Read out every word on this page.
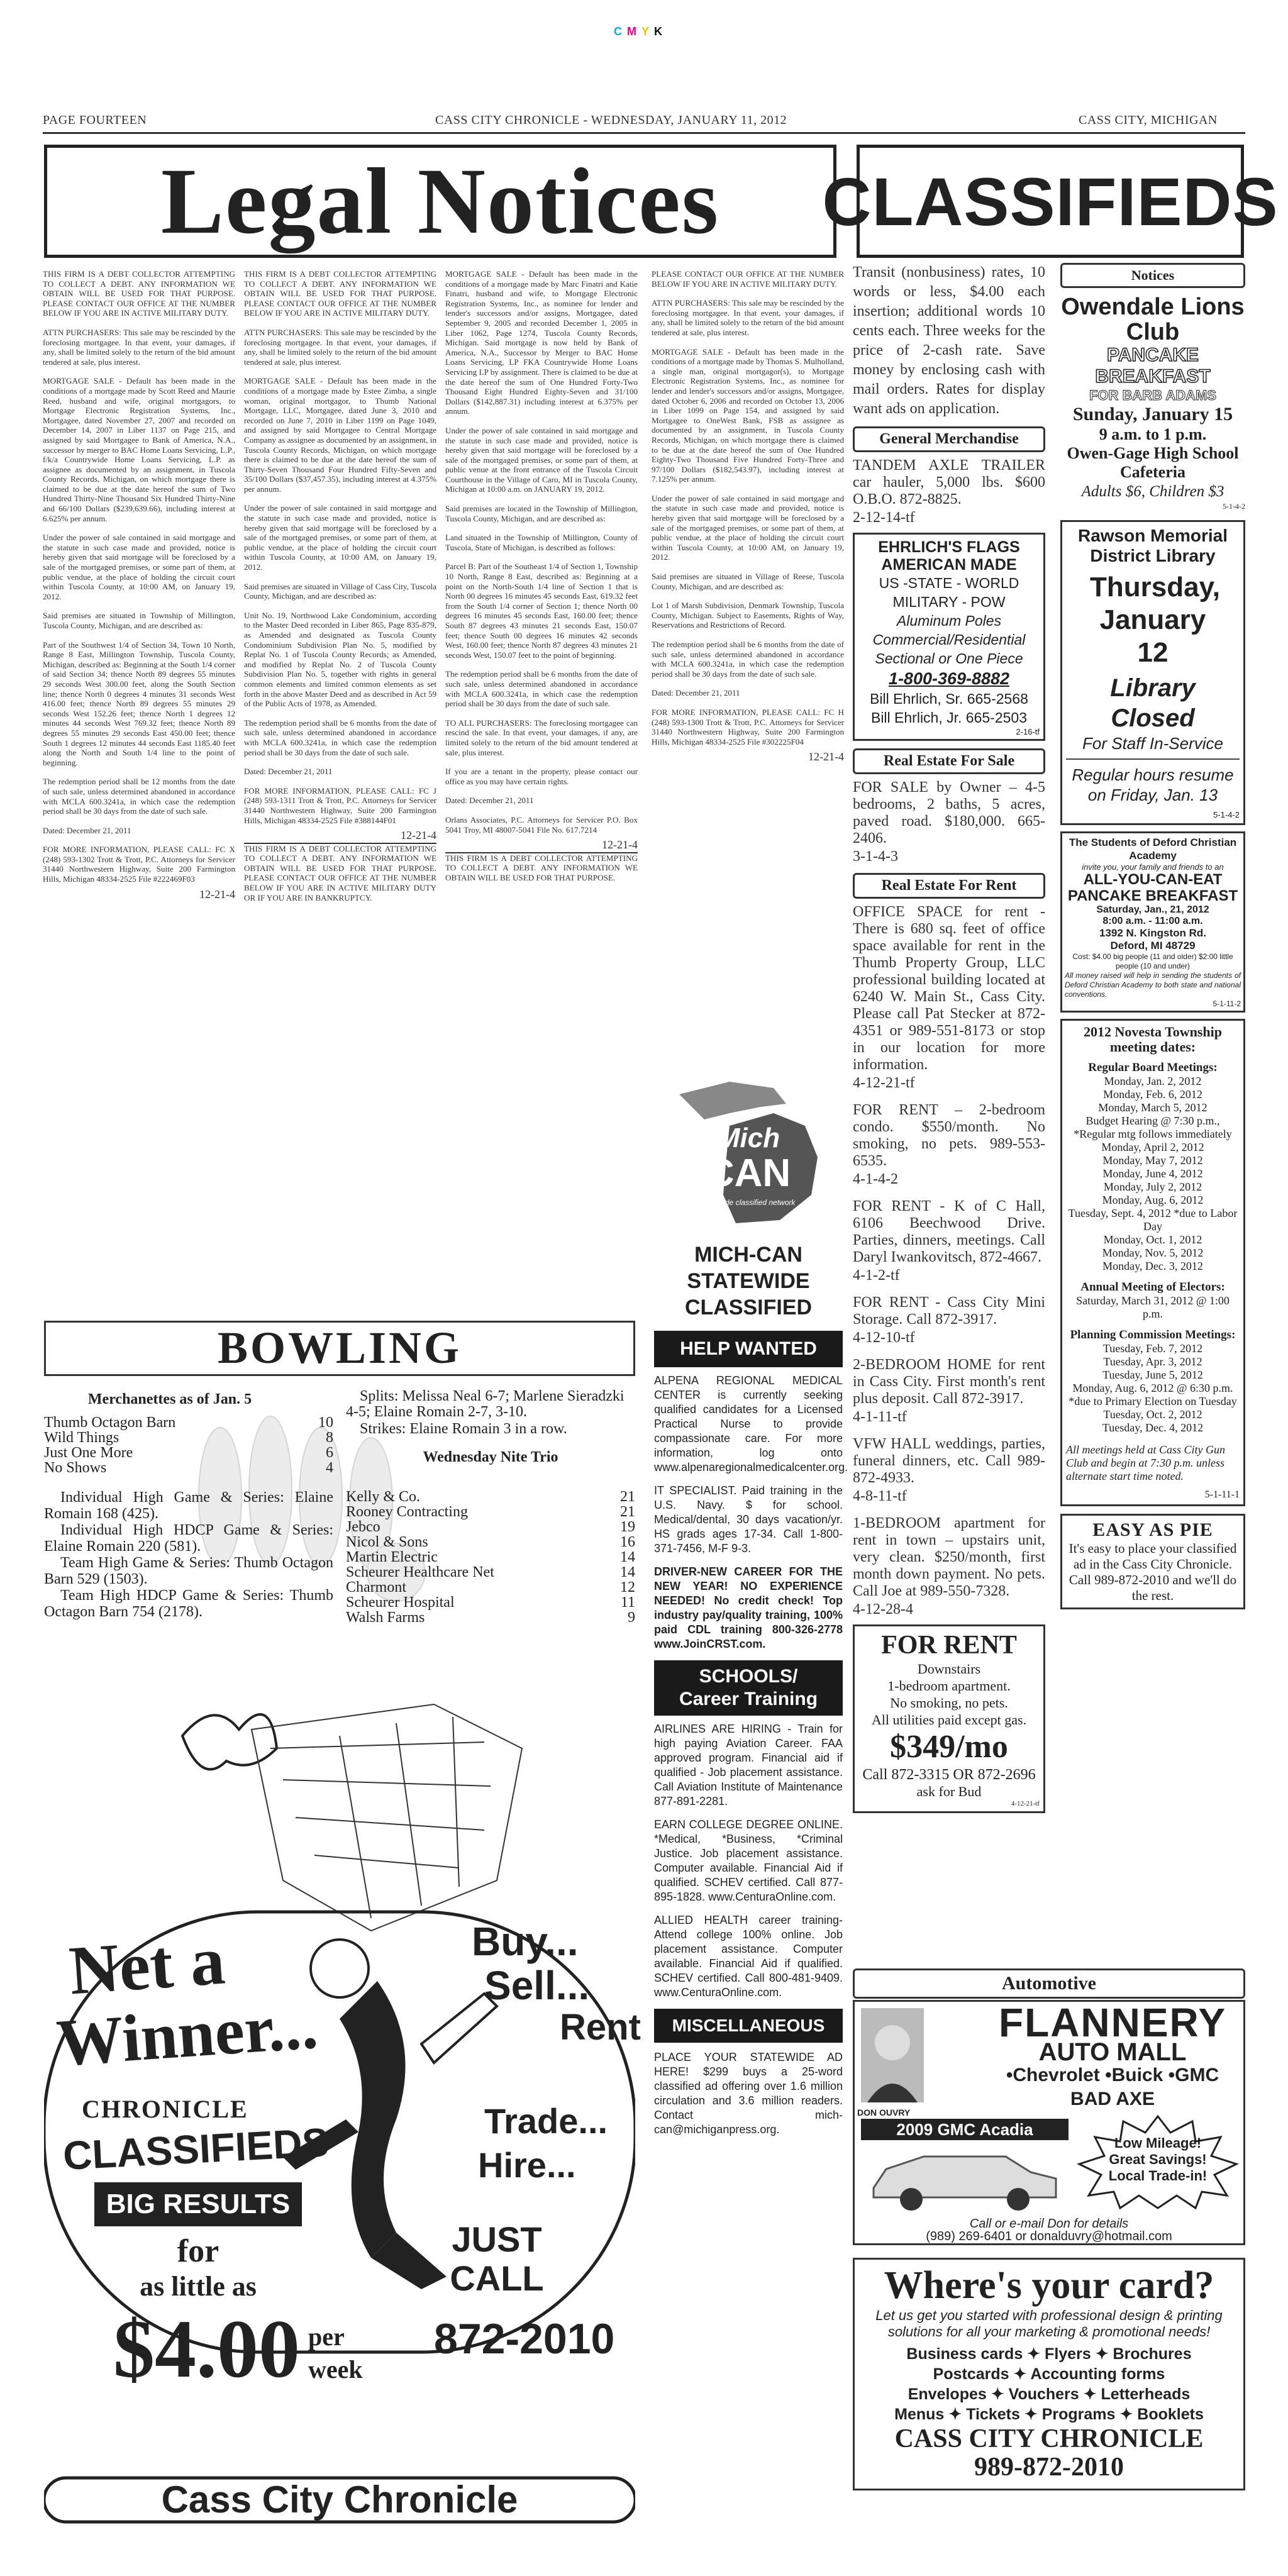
CMYK
PAGE FOURTEEN	CASS CITY CHRONICLE - WEDNESDAY, JANUARY 11, 2012	CASS CITY, MICHIGAN
Legal Notices	CLASSIFIEDS

THIS FIRM IS A DEBT COLLECTOR ATTEMPTING TO COLLECT A DEBT. ANY INFORMATION WE OBTAIN WILL BE USED FOR THAT PURPOSE. PLEASE CONTACT OUR OFFICE AT THE NUMBER BELOW IF YOU ARE IN ACTIVE MILITARY DUTY.

ATTN PURCHASERS: This sale may be rescinded by the foreclosing mortgagee. In that event, your damages, if any, shall be limited solely to the return of the bid amount tendered at sale, plus interest.

MORTGAGE SALE - Default has been made in the conditions of a mortgage made by Scott Reed and Maurie Reed, husband and wife, original mortgagors, to Mortgage Electronic Registration Systems, Inc., Mortgagee, dated November 27, 2007 and recorded on December 14, 2007 in Liber 1137 on Page 215, and assigned by said Mortgagee to Bank of America, N.A., successor by merger to BAC Home Loans Servicing, L.P., f/k/a Countrywide Home Loans Servicing, L.P. as assignee as documented by an assignment, in Tuscola County Records, Michigan, on which mortgage there is claimed to be due at the date hereof the sum of Two Hundred Thirty-Nine Thousand Six Hundred Thirty-Nine and 66/100 Dollars ($239,639.66), including interest at 6.625% per annum.

Under the power of sale contained in said mortgage and the statute in such case made and provided, notice is hereby given that said mortgage will be foreclosed by a sale of the mortgaged premises, or some part of them, at public vendue, at the place of holding the circuit court within Tuscola County, at 10:00 AM, on January 19, 2012.

Said premises are situated in Township of Millington, Tuscola County, Michigan, and are described as:

Part of the Southwest 1/4 of Section 34, Town 10 North, Range 8 East, Millington Township, Tuscola County, Michigan, described as: Beginning at the South 1/4 corner of said Section 34; thence North 89 degrees 55 minutes 29 seconds West 300.00 feet, along the South Section line; thence North 0 degrees 4 minutes 31 seconds West 416.00 feet; thence North 89 degrees 55 minutes 29 seconds West 152.26 feet; thence North 1 degrees 12 minutes 44 seconds West 769.32 feet; thence North 89 degrees 55 minutes 29 seconds East 450.00 feet; thence South 1 degrees 12 minutes 44 seconds East 1185.40 feet along the North and South 1/4 line to the point of beginning.

The redemption period shall be 12 months from the date of such sale, unless determined abandoned in accordance with MCLA 600.3241a, in which case the redemption period shall be 30 days from the date of such sale.

Dated: December 21, 2011

FOR MORE INFORMATION, PLEASE CALL: FC X (248) 593-1302 Trott & Trott, P.C. Attorneys for Servicer 31440 Northwestern Highway, Suite 200 Farmington Hills, Michigan 48334-2525 File #222469F03

12-21-4

THIS FIRM IS A DEBT COLLECTOR ATTEMPTING TO COLLECT A DEBT. ANY INFORMATION WE OBTAIN WILL BE USED FOR THAT PURPOSE. PLEASE CONTACT OUR OFFICE AT THE NUMBER BELOW IF YOU ARE IN ACTIVE MILITARY DUTY.

ATTN PURCHASERS: This sale may be rescinded by the foreclosing mortgagee. In that event, your damages, if any, shall be limited solely to the return of the bid amount tendered at sale, plus interest.

MORTGAGE SALE - Default has been made in the conditions of a mortgage made by Estee Zimba, a single woman, original mortgagor, to Thumb National Mortgage, LLC, Mortgagee, dated June 3, 2010 and recorded on June 7, 2010 in Liber 1199 on Page 1049, and assigned by said Mortgagee to Central Mortgage Company as assignee as documented by an assignment, in Tuscola County Records, Michigan, on which mortgage there is claimed to be due at the date hereof the sum of Thirty-Seven Thousand Four Hundred Fifty-Seven and 35/100 Dollars ($37,457.35), including interest at 4.375% per annum.

Under the power of sale contained in said mortgage and the statute in such case made and provided, notice is hereby given that said mortgage will be foreclosed by a sale of the mortgaged premises, or some part of them, at public vendue, at the place of holding the circuit court within Tuscola County, at 10:00 AM, on January 19, 2012.

Said premises are situated in Village of Cass City, Tuscola County, Michigan, and are described as:

Unit No. 19, Northwood Lake Condominium, according to the Master Deed recorded in Liber 865, Page 835-879, as Amended and designated as Tuscola County Condominium Subdivision Plan No. 5, modified by Replat No. 1 of Tuscola County Records; as Amended, and modified by Replat No. 2 of Tuscola County Subdivision Plan No. 5, together with rights in general common elements and limited common elements as set forth in the above Master Deed and as described in Act 59 of the Public Acts of 1978, as Amended.

The redemption period shall be 6 months from the date of such sale, unless determined abandoned in accordance with MCLA 600.3241a, in which case the redemption period shall be 30 days from the date of such sale.

Dated: December 21, 2011

FOR MORE INFORMATION, PLEASE CALL: FC J (248) 593-1311 Trott & Trott, P.C. Attorneys for Servicer 31440 Northwestern Highway, Suite 200 Farmington Hills, Michigan 48334-2525 File #388144F01

12-21-4

THIS FIRM IS A DEBT COLLECTOR ATTEMPTING TO COLLECT A DEBT. ANY INFORMATION WE OBTAIN WILL BE USED FOR THAT PURPOSE. PLEASE CONTACT OUR OFFICE AT THE NUMBER BELOW IF YOU ARE IN ACTIVE MILITARY DUTY OR IF YOU ARE IN BANKRUPTCY.

MORTGAGE SALE - Default has been made in the conditions of a mortgage made by Marc Finatri and Katie Finatri, husband and wife, to Mortgage Electronic Registration Systems, Inc., as nominee for lender and lender's successors and/or assigns, Mortgagee, dated September 9, 2005 and recorded December 1, 2005 in Liber 1062, Page 1274, Tuscola County Records, Michigan. Said mortgage is now held by Bank of America, N.A., Successor by Merger to BAC Home Loans Servicing, LP FKA Countrywide Home Loans Servicing LP by assignment. There is claimed to be due at the date hereof the sum of One Hundred Forty-Two Thousand Eight Hundred Eighty-Seven and 31/100 Dollars ($142,887.31) including interest at 6.375% per annum.

Under the power of sale contained in said mortgage and the statute in such case made and provided, notice is hereby given that said mortgage will be foreclosed by a sale of the mortgaged premises, or some part of them, at public venue at the front entrance of the Tuscola Circuit Courthouse in the Village of Caro, MI in Tuscola County, Michigan at 10:00 a.m. on JANUARY 19, 2012.

Said premises are located in the Township of Millington, Tuscola County, Michigan, and are described as:

Land situated in the Township of Millington, County of Tuscola, State of Michigan, is described as follows:

Parcel B: Part of the Southeast 1/4 of Section 1, Township 10 North, Range 8 East, described as: Beginning at a point on the North-South 1/4 line of Section 1 that is North 00 degrees 16 minutes 45 seconds East, 619.32 feet from the South 1/4 corner of Section 1; thence North 00 degrees 16 minutes 45 seconds East, 160.00 feet; thence South 87 degrees 43 minutes 21 seconds East, 150.07 feet; thence South 00 degrees 16 minutes 42 seconds West, 160.00 feet; thence North 87 degrees 43 minutes 21 seconds West, 150.07 feet to the point of beginning.

The redemption period shall be 6 months from the date of such sale, unless determined abandoned in accordance with MCLA 600.3241a, in which case the redemption period shall be 30 days from the date of such sale.

TO ALL PURCHASERS: The foreclosing mortgagee can rescind the sale. In that event, your damages, if any, are limited solely to the return of the bid amount tendered at sale, plus interest.

If you are a tenant in the property, please contact our office as you may have certain rights.

Dated: December 21, 2011

Orlans Associates, P.C. Attorneys for Servicer P.O. Box 5041 Troy, MI 48007-5041 File No. 617.7214

12-21-4

THIS FIRM IS A DEBT COLLECTOR ATTEMPTING TO COLLECT A DEBT. ANY INFORMATION WE OBTAIN WILL BE USED FOR THAT PURPOSE.

PLEASE CONTACT OUR OFFICE AT THE NUMBER BELOW IF YOU ARE IN ACTIVE MILITARY DUTY.

ATTN PURCHASERS: This sale may be rescinded by the foreclosing mortgagee. In that event, your damages, if any, shall be limited solely to the return of the bid amount tendered at sale, plus interest.

MORTGAGE SALE - Default has been made in the conditions of a mortgage made by Thomas S. Mulholland, a single man, original mortgagor(s), to Mortgage Electronic Registration Systems, Inc., as nominee for lender and lender's successors and/or assigns, Mortgagee, dated October 6, 2006 and recorded on October 13, 2006 in Liber 1099 on Page 154, and assigned by said Mortgagee to OneWest Bank, FSB as assignee as documented by an assignment, in Tuscola County Records, Michigan, on which mortgage there is claimed to be due at the date hereof the sum of One Hundred Eighty-Two Thousand Five Hundred Forty-Three and 97/100 Dollars ($182,543.97), including interest at 7.125% per annum.

Under the power of sale contained in said mortgage and the statute in such case made and provided, notice is hereby given that said mortgage will be foreclosed by a sale of the mortgaged premises, or some part of them, at public vendue, at the place of holding the circuit court within Tuscola County, at 10:00 AM, on January 19, 2012.

Said premises are situated in Village of Reese, Tuscola County, Michigan, and are described as:

Lot 1 of Marsh Subdivision, Denmark Township, Tuscola County, Michigan. Subject to Easements, Rights of Way, Reservations and Restrictions of Record.

The redemption period shall be 6 months from the date of such sale, unless determined abandoned in accordance with MCLA 600.3241a, in which case the redemption period shall be 30 days from the date of such sale.

Dated: December 21, 2011

FOR MORE INFORMATION, PLEASE CALL: FC H (248) 593-1300 Trott & Trott, P.C. Attorneys for Servicer 31440 Northwestern Highway, Suite 200 Farmington Hills, Michigan 48334-2525 File #302225F04

12-21-4
Mich
CAN
statewide classified network
MICH-CAN STATEWIDE CLASSIFIED
HELP WANTED

ALPENA REGIONAL MEDICAL CENTER is currently seeking qualified candidates for a Licensed Practical Nurse to provide compassionate care. For more information, log onto www.alpenaregionalmedicalcenter.org.

IT SPECIALIST. Paid training in the U.S. Navy. $ for school. Medical/dental, 30 days vacation/yr. HS grads ages 17-34. Call 1-800-371-7456, M-F 9-3.

DRIVER-NEW CAREER FOR THE NEW YEAR! NO EXPERIENCE NEEDED! No credit check! Top industry pay/quality training, 100% paid CDL training 800-326-2778 www.JoinCRST.com.

SCHOOLS/ Career Training

AIRLINES ARE HIRING - Train for high paying Aviation Career. FAA approved program. Financial aid if qualified - Job placement assistance. Call Aviation Institute of Maintenance 877-891-2281.

EARN COLLEGE DEGREE ONLINE. *Medical, *Business, *Criminal Justice. Job placement assistance. Computer available. Financial Aid if qualified. SCHEV certified. Call 877-895-1828. www.CenturaOnline.com.

ALLIED HEALTH career training- Attend college 100% online. Job placement assistance. Computer available. Financial Aid if qualified. SCHEV certified. Call 800-481-9409. www.CenturaOnline.com.

MISCELLANEOUS

PLACE YOUR STATEWIDE AD HERE! $299 buys a 25-word classified ad offering over 1.6 million circulation and 3.6 million readers. Contact mich-can@michiganpress.org.

BOWLING
Merchanettes as of Jan. 5
Thumb Octagon Barn	10
Wild Things	8
Just One More	6
No Shows	4

Individual High Game & Series: Elaine Romain 168 (425).

Individual High HDCP Game & Series: Elaine Romain 220 (581).

Team High Game & Series: Thumb Octagon Barn 529 (1503).

Team High HDCP Game & Series: Thumb Octagon Barn 754 (2178).

Splits: Melissa Neal 6-7; Marlene Sieradzki 4-5; Elaine Romain 2-7, 3-10.
Strikes: Elaine Romain 3 in a row.
Wednesday Nite Trio
Kelly & Co.	21
Rooney Contracting	21
Jebco	19
Nicol & Sons	16
Martin Electric	14
Scheurer Healthcare Net	14
Charmont	12
Scheurer Hospital	11
Walsh Farms	9
Net a
Winner...
CHRONICLE
CLASSIFIEDS
Buy...
Sell...
Rent
Trade...
Hire...
BIG RESULTS
for
as little as
$4.00 per week
JUST CALL
872-2010
Cass City Chronicle

Transit (nonbusiness) rates, 10 words or less, $4.00 each insertion; additional words 10 cents each. Three weeks for the price of 2-cash rate. Save money by enclosing cash with mail orders. Rates for display want ads on application.

General Merchandise

TANDEM AXLE TRAILER car hauler, 5,000 lbs. $600 O.B.O. 872-8825.

2-12-14-tf
EHRLICH'S FLAGS AMERICAN MADE
US -STATE - WORLD
MILITARY - POW
Aluminum Poles
Commercial/Residential
Sectional or One Piece
1-800-369-8882
Bill Ehrlich, Sr. 665-2568
Bill Ehrlich, Jr. 665-2503
2-16-tf
Real Estate For Sale

FOR SALE by Owner – 4-5 bedrooms, 2 baths, 5 acres, paved road. $180,000. 665-2406.

3-1-4-3
Real Estate For Rent

OFFICE SPACE for rent - There is 680 sq. feet of office space available for rent in the Thumb Property Group, LLC professional building located at 6240 W. Main St., Cass City. Please call Pat Stecker at 872-4351 or 989-551-8173 or stop in our location for more information.

4-12-21-tf

FOR RENT – 2-bedroom condo. $550/month. No smoking, no pets. 989-553-6535.

4-1-4-2

FOR RENT - K of C Hall, 6106 Beechwood Drive. Parties, dinners, meetings. Call Daryl Iwankovitsch, 872-4667.

4-1-2-tf

FOR RENT - Cass City Mini Storage. Call 872-3917.

4-12-10-tf

2-BEDROOM HOME for rent in Cass City. First month's rent plus deposit. Call 872-3917.

4-1-11-tf

VFW HALL weddings, parties, funeral dinners, etc. Call 989-872-4933.

4-8-11-tf

1-BEDROOM apartment for rent in town – upstairs unit, very clean. $250/month, first month down payment. No pets. Call Joe at 989-550-7328.

4-12-28-4
FOR RENT
Downstairs
1-bedroom apartment.
No smoking, no pets.
All utilities paid except gas.
$349/mo
Call 872-3315 OR 872-2696
ask for Bud
4-12-21-tf
Notices
Owendale Lions Club
PANCAKE BREAKFAST
FOR BARB ADAMS
Sunday, January 15
9 a.m. to 1 p.m.
Owen-Gage High School Cafeteria
Adults $6, Children $3
5-1-4-2
Rawson Memorial District Library
Thursday, January 12
Library Closed
For Staff In-Service
Regular hours resume on Friday, Jan. 13
5-1-4-2
The Students of Deford Christian Academy
invite you, your family and friends to an
ALL-YOU-CAN-EAT PANCAKE BREAKFAST
Saturday, Jan., 21, 2012
8:00 a.m. - 11:00 a.m.
1392 N. Kingston Rd.
Deford, MI 48729
Cost: $4.00 big people (11 and older) $2:00 little people (10 and under)
All money raised will help in sending the students of Deford Christian Academy to both state and national conventions.
5-1-11-2
2012 Novesta Township meeting dates:
Regular Board Meetings:
Monday, Jan. 2, 2012
Monday, Feb. 6, 2012
Monday, March 5, 2012
Budget Hearing @ 7:30 p.m., *Regular mtg follows immediately
Monday, April 2, 2012
Monday, May 7, 2012
Monday, June 4, 2012
Monday, July 2, 2012
Monday, Aug. 6, 2012
Tuesday, Sept. 4, 2012 *due to Labor Day
Monday, Oct. 1, 2012
Monday, Nov. 5, 2012
Monday, Dec. 3, 2012
Annual Meeting of Electors:
Saturday, March 31, 2012 @ 1:00 p.m.
Planning Commission Meetings:
Tuesday, Feb. 7, 2012
Tuesday, Apr. 3, 2012
Tuesday, June 5, 2012
Monday, Aug. 6, 2012 @ 6:30 p.m. *due to Primary Election on Tuesday
Tuesday, Oct. 2, 2012
Tuesday, Dec. 4, 2012
All meetings held at Cass City Gun Club and begin at 7:30 p.m. unless alternate start time noted.
5-1-11-1
EASY AS PIE
It's easy to place your classified ad in the Cass City Chronicle. Call 989-872-2010 and we'll do the rest.
Automotive
FLANNERY
AUTO MALL
•Chevrolet •Buick •GMC
BAD AXE
DON OUVRY
2009 GMC Acadia
Low Mileage! Great Savings! Local Trade-in!
Call or e-mail Don for details
(989) 269-6401 or donalduvry@hotmail.com
Where's your card?
Let us get you started with professional design & printing solutions for all your marketing & promotional needs!
Business cards ✦ Flyers ✦ Brochures
Postcards ✦ Accounting forms
Envelopes ✦ Vouchers ✦ Letterheads
Menus ✦ Tickets ✦ Programs ✦ Booklets
CASS CITY CHRONICLE
989-872-2010
